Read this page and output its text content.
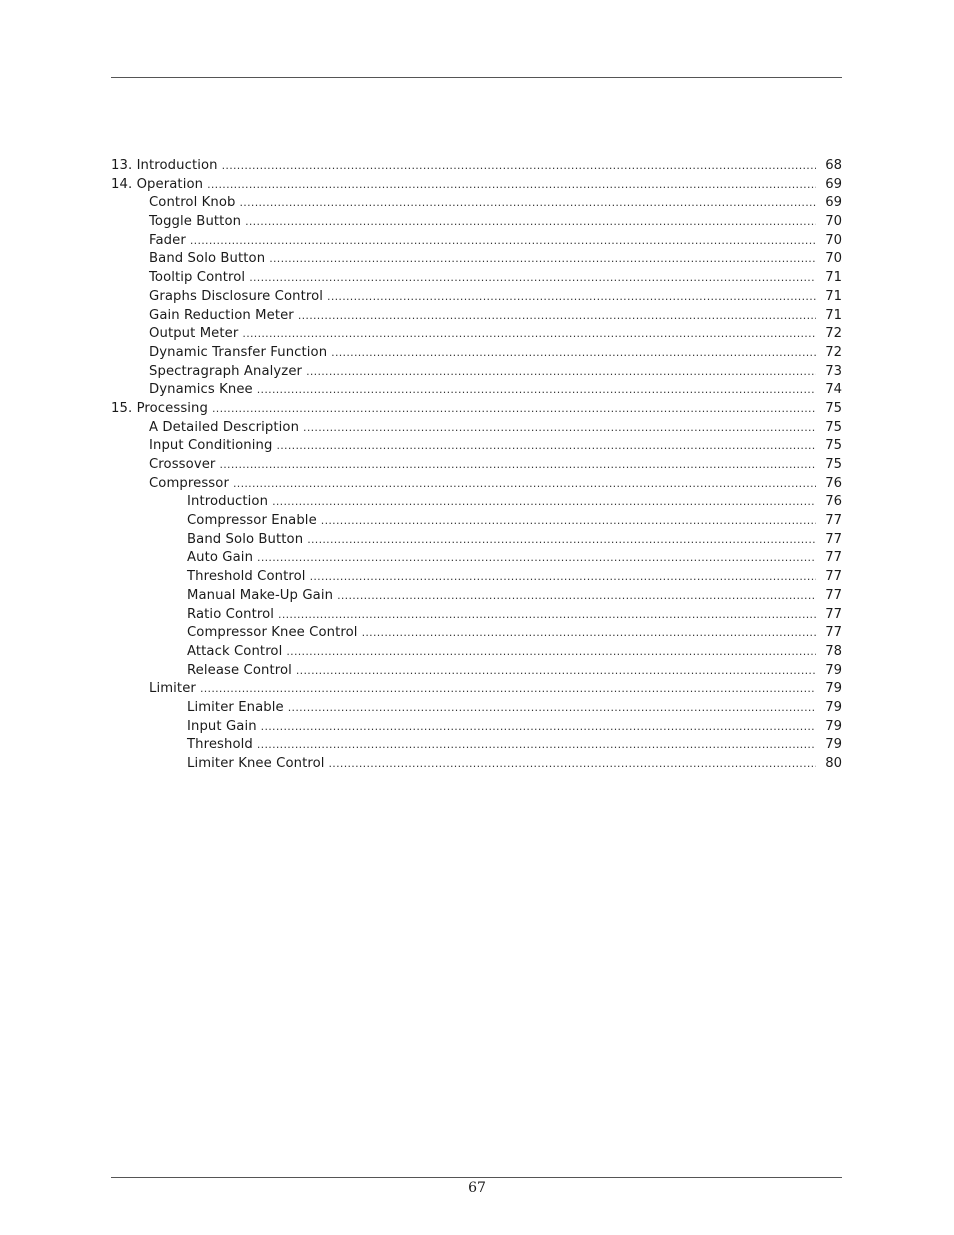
13. Introduction .....	68
14. Operation .....	69
Control Knob .....	69
Toggle Button .....	70
Fader .....	70
Band Solo Button .....	70
Tooltip Control .....	71
Graphs Disclosure Control .....	71
Gain Reduction Meter .....	71
Output Meter .....	72
Dynamic Transfer Function .....	72
Spectragraph Analyzer .....	73
Dynamics Knee .....	74
15. Processing .....	75
A Detailed Description .....	75
Input Conditioning .....	75
Crossover .....	75
Compressor .....	76
Introduction .....	76
Compressor Enable .....	77
Band Solo Button .....	77
Auto Gain .....	77
Threshold Control .....	77
Manual Make-Up Gain .....	77
Ratio Control .....	77
Compressor Knee Control .....	77
Attack Control .....	78
Release Control .....	79
Limiter .....	79
Limiter Enable .....	79
Input Gain .....	79
Threshold .....	79
Limiter Knee Control .....	80
67
